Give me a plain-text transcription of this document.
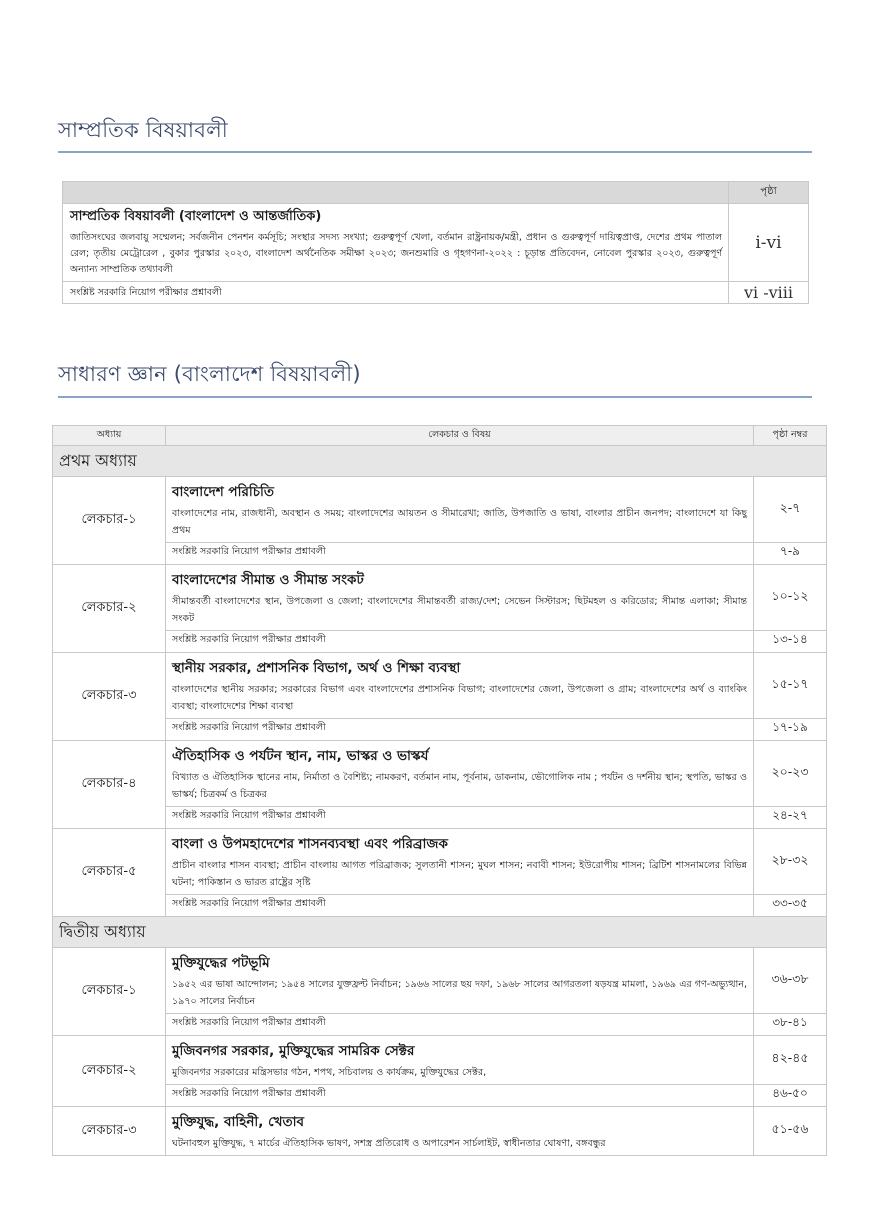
সাম্প্রতিক বিষয়াবলী
	পৃষ্ঠা

সাম্প্রতিক বিষয়াবলী (বাংলাদেশ ও আন্তর্জাতিক)
জাতিসংঘের জলবায়ু সম্মেলন; সর্বজনীন পেনশন কর্মসূচি; সংস্থার সদস্য সংখ্যা; গুরুত্বপূর্ণ খেলা, বর্তমান রাষ্ট্রনায়ক/মন্ত্রী, প্রধান ও গুরুত্বপূর্ণ দায়িত্বপ্রাপ্ত, দেশের প্রথম পাতাল রেল; তৃতীয় মেট্রোরেল , বুকার পুরস্কার ২০২৩, বাংলাদেশ অর্থনৈতিক সমীক্ষা ২০২৩; জনশুমারি ও গৃহগণনা-২০২২ : চূড়ান্ত প্রতিবেদন, নোবেল পুরস্কার ২০২৩, গুরুত্বপূর্ণ অন্যান্য সাম্প্রতিক তথ্যাবলী	i-vi
সংশ্লিষ্ট সরকারি নিয়োগ পরীক্ষার প্রশ্নাবলী	vi -viii
সাধারণ জ্ঞান (বাংলাদেশ বিষয়াবলী)
অধ্যায়	লেকচার ও বিষয়	পৃষ্ঠা নম্বর
প্রথম অধ্যায়		
লেকচার-১	বাংলাদেশ পরিচিতি
বাংলাদেশের নাম, রাজধানী, অবস্থান ও সময়; বাংলাদেশের আয়তন ও সীমারেখা; জাতি, উপজাতি ও ভাষা, বাংলার প্রাচীন জনপদ; বাংলাদেশে যা কিছু প্রথম	২-৭
	সংশ্লিষ্ট সরকারি নিয়োগ পরীক্ষার প্রশ্নাবলী	৭-৯
লেকচার-২	বাংলাদেশের সীমান্ত ও সীমান্ত সংকট
সীমান্তবর্তী বাংলাদেশের স্থান, উপজেলা ও জেলা; বাংলাদেশের সীমান্তবর্তী রাজ্য/দেশ; সেভেন সিস্টারস; ছিটমহল ও করিডোর; সীমান্ত এলাকা; সীমান্ত সংকট	১০-১২
	সংশ্লিষ্ট সরকারি নিয়োগ পরীক্ষার প্রশ্নাবলী	১৩-১৪
লেকচার-৩	স্থানীয় সরকার, প্রশাসনিক বিভাগ, অর্থ ও শিক্ষা ব্যবস্থা
বাংলাদেশের স্থানীয় সরকার; সরকারের বিভাগ এবং বাংলাদেশের প্রশাসনিক বিভাগ; বাংলাদেশের জেলা, উপজেলা ও গ্রাম; বাংলাদেশের অর্থ ও ব্যাংকিং ব্যবস্থা; বাংলাদেশের শিক্ষা ব্যবস্থা	১৫-১৭
	সংশ্লিষ্ট সরকারি নিয়োগ পরীক্ষার প্রশ্নাবলী	১৭-১৯
লেকচার-৪	ঐতিহাসিক ও পর্যটন স্থান, নাম, ভাস্কর ও ভাস্কর্য
বিখ্যাত ও ঐতিহাসিক স্থানের নাম, নির্মাতা ও বৈশিষ্ট্য; নামকরণ, বর্তমান নাম, পূর্বনাম, ডাকনাম, ভৌগোলিক নাম ; পর্যটন ও দর্শনীয় স্থান; স্থপতি, ভাস্কর ও ভাস্কর্য; চিত্রকর্ম ও চিত্রকর	২০-২৩
	সংশ্লিষ্ট সরকারি নিয়োগ পরীক্ষার প্রশ্নাবলী	২৪-২৭
লেকচার-৫	বাংলা ও উপমহাদেশের শাসনব্যবস্থা এবং পরিব্রাজক
প্রাচীন বাংলার শাসন ব্যবস্থা; প্রাচীন বাংলায় আগত পরিব্রাজক; সুলতানী শাসন; মুঘল শাসন; নবাবী শাসন; ইউরোপীয় শাসন; ব্রিটিশ শাসনামলের বিভিন্ন ঘটনা; পাকিস্তান ও ভারত রাষ্ট্রের সৃষ্টি	২৮-৩২
	সংশ্লিষ্ট সরকারি নিয়োগ পরীক্ষার প্রশ্নাবলী	৩৩-৩৫
দ্বিতীয় অধ্যায়		
লেকচার-১	মুক্তিযুদ্ধের পটভূমি
১৯৫২ এর ভাষা আন্দোলন; ১৯৫৪ সালের যুক্তফ্রন্ট নির্বাচন; ১৯৬৬ সালের ছয় দফা, ১৯৬৮ সালের আগরতলা ষড়যন্ত্র মামলা, ১৯৬৯ এর গণ-অভ্যুত্থান, ১৯৭০ সালের নির্বাচন	৩৬-৩৮
	সংশ্লিষ্ট সরকারি নিয়োগ পরীক্ষার প্রশ্নাবলী	৩৮-৪১
লেকচার-২	মুজিবনগর সরকার, মুক্তিযুদ্ধের সামরিক সেক্টর
মুজিবনগর সরকারের মন্ত্রিসভার গঠন, শপথ, সচিবালয় ও কার্যক্রম, মুক্তিযুদ্ধের সেক্টর,	৪২-৪৫
	সংশ্লিষ্ট সরকারি নিয়োগ পরীক্ষার প্রশ্নাবলী	৪৬-৫০
লেকচার-৩	মুক্তিযুদ্ধ, বাহিনী, খেতাব
ঘটনাবহুল মুক্তিযুদ্ধ, ৭ মার্চের ঐতিহাসিক ভাষণ, সশস্ত্র প্রতিরোধ ও অপারেশন সার্চলাইট, স্বাধীনতার ঘোষণা, বঙ্গবন্ধুর	৫১-৫৬
